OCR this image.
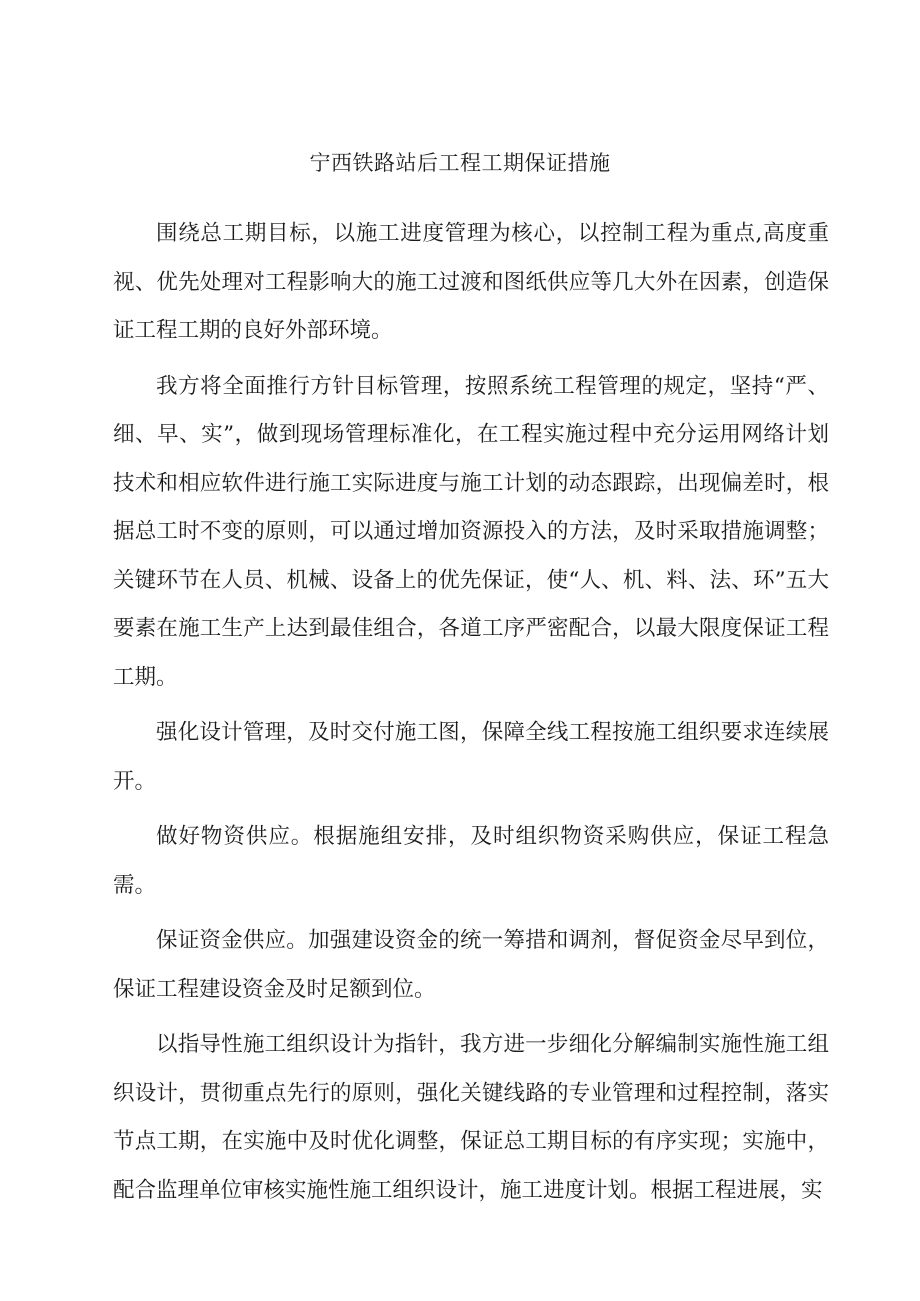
宁西铁路站后工程工期保证措施

围绕总工期目标，以施工进度管理为核心，以控制工程为重点,高度重视、优先处理对工程影响大的施工过渡和图纸供应等几大外在因素，创造保证工程工期的良好外部环境。

我方将全面推行方针目标管理，按照系统工程管理的规定，坚持“严、细、早、实”，做到现场管理标准化，在工程实施过程中充分运用网络计划技术和相应软件进行施工实际进度与施工计划的动态跟踪，出现偏差时，根据总工时不变的原则，可以通过增加资源投入的方法，及时采取措施调整；关键环节在人员、机械、设备上的优先保证，使“人、机、料、法、环”五大要素在施工生产上达到最佳组合，各道工序严密配合，以最大限度保证工程工期。

强化设计管理，及时交付施工图，保障全线工程按施工组织要求连续展开。

做好物资供应。根据施组安排，及时组织物资采购供应，保证工程急需。

保证资金供应。加强建设资金的统一筹措和调剂，督促资金尽早到位，保证工程建设资金及时足额到位。

以指导性施工组织设计为指针，我方进一步细化分解编制实施性施工组织设计，贯彻重点先行的原则，强化关键线路的专业管理和过程控制，落实节点工期，在实施中及时优化调整，保证总工期目标的有序实现；实施中，配合监理单位审核实施性施工组织设计，施工进度计划。根据工程进展，实
